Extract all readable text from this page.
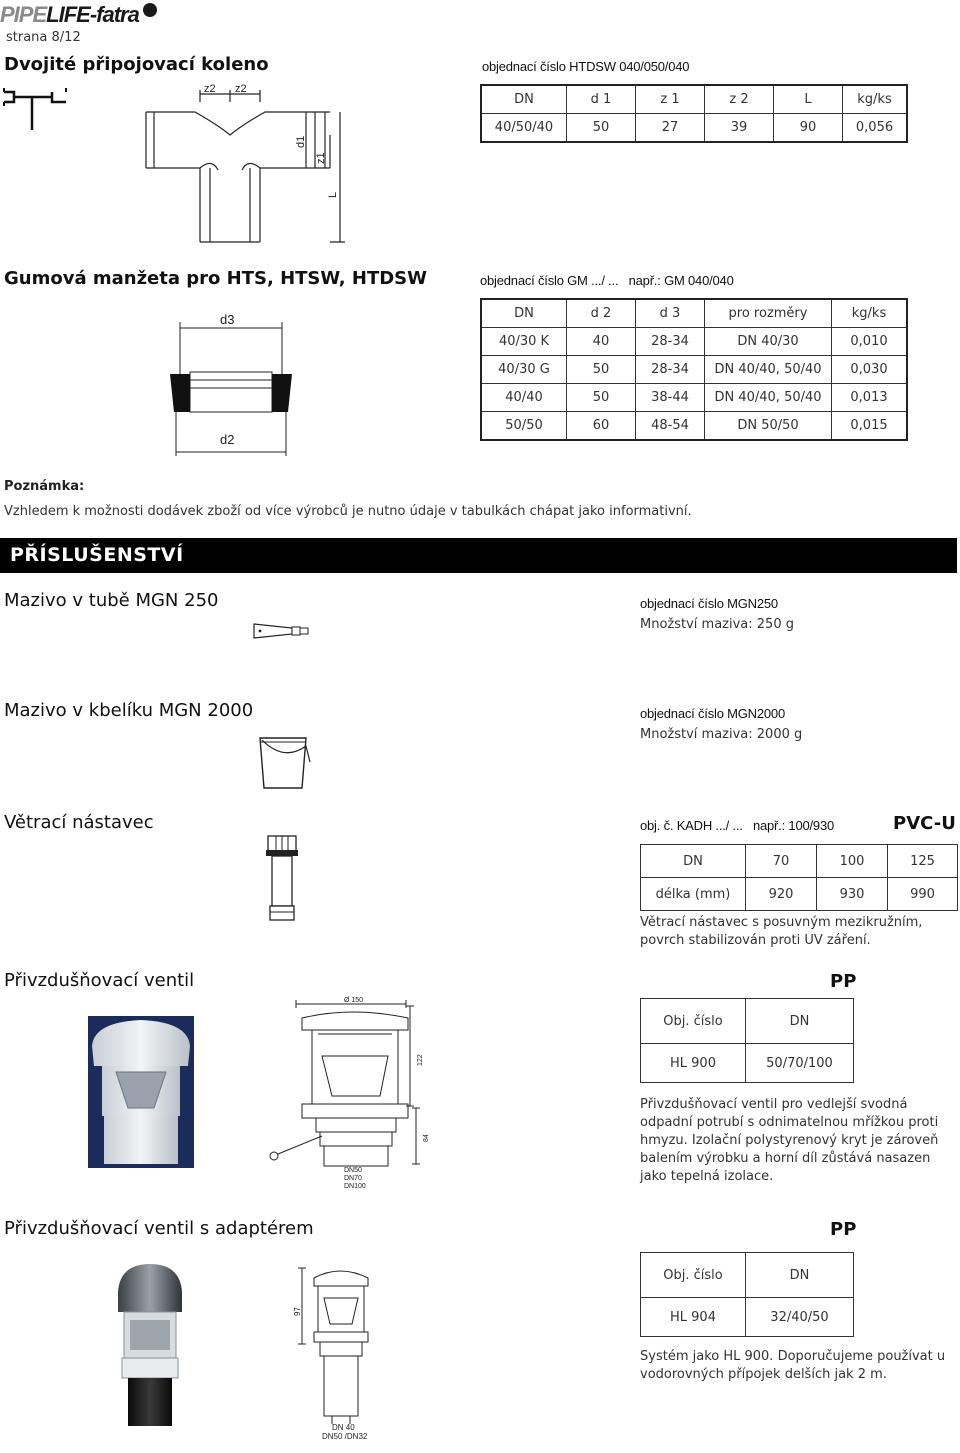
PIPELIFE-fatra
strana 8/12
Dvojité připojovací koleno	objednací číslo HTDSW 040/050/040
DN	d 1	z 1	z 2	L	kg/ks
40/50/40	50	27	39	90	0,056
z2 z2
d1
z1
L
Gumová manžeta pro HTS, HTSW, HTDSW	objednací číslo GM .../ ...   např.: GM 040/040
DN	d 2	d 3	pro rozměry	kg/ks
40/30 K	40	28-34	DN 40/30	0,010
40/30 G	50	28-34	DN 40/40, 50/40	0,030
40/40	50	38-44	DN 40/40, 50/40	0,013
50/50	60	48-54	DN 50/50	0,015
d3
d2
Poznámka:
Vzhledem k možnosti dodávek zboží od více výrobců je nutno údaje v tabulkách chápat jako informativní.
PŘÍSLUŠENSTVÍ
Mazivo v tubě MGN 250	objednací číslo MGN250
Množství maziva: 250 g
Mazivo v kbelíku MGN 2000	objednací číslo MGN2000
Množství maziva: 2000 g
Větrací nástavec	obj. č. KADH .../ ...   např.: 100/930	PVC-U
DN	70	100	125
délka (mm)	920	930	990
Větrací nástavec s posuvným mezikružním, povrch stabilizován proti UV záření.
Přivzdušňovací ventil	PP
Obj. číslo	DN
HL 900	50/70/100
Přivzdušňovací ventil pro vedlejší svodná odpadní potrubí s odnimatelnou mřížkou proti hmyzu. Izolační polystyrenový kryt je zároveň balením výrobku a horní díl zůstává nasazen jako tepelná izolace.
Ø 150
122
84
DN50
DN70
DN100
Přivzdušňovací ventil s adaptérem	PP
Obj. číslo	DN
HL 904	32/40/50
Systém jako HL 900. Doporučujeme používat u vodorovných přípojek delších jak 2 m.
97
DN 40
DN50 /DN32
